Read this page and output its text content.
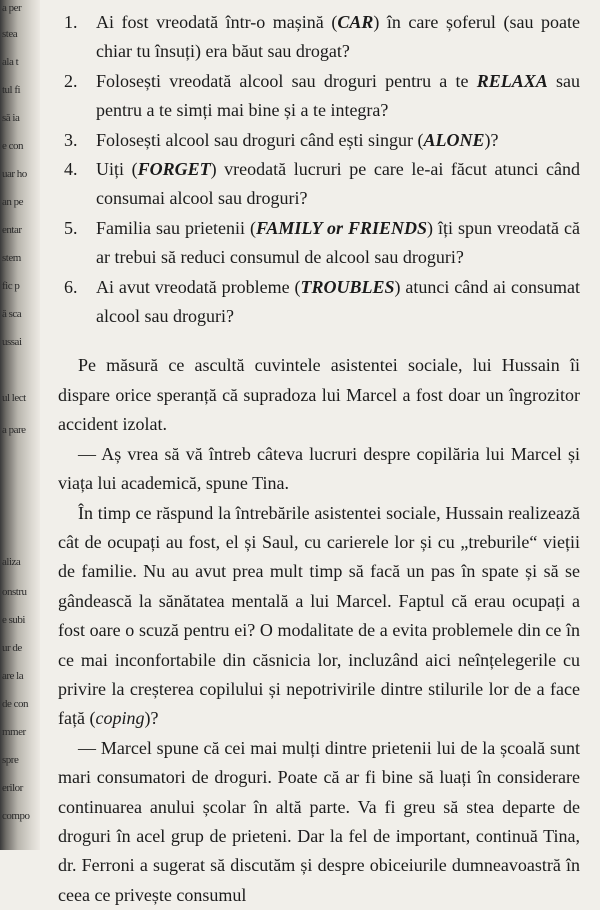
a per
stea
ala t
tul fi
să ia
e con
uar ho
an pe
entar
stem
fic p
ă sca
ussai
ul lect
a pare
aliza
onstru
e subi
ur de
are la
de con
mmer
spre
erilor
compo
1. Ai fost vreodată într-o mașină (CAR) în care șoferul (sau poate chiar tu însuți) era băut sau drogat?
2. Folosești vreodată alcool sau droguri pentru a te RELAXA sau pentru a te simți mai bine și a te integra?
3. Folosești alcool sau droguri când ești singur (ALONE)?
4. Uiți (FORGET) vreodată lucruri pe care le-ai făcut atunci când consumai alcool sau droguri?
5. Familia sau prietenii (FAMILY or FRIENDS) îți spun vreodată că ar trebui să reduci consumul de alcool sau droguri?
6. Ai avut vreodată probleme (TROUBLES) atunci când ai consumat alcool sau droguri?

Pe măsură ce ascultă cuvintele asistentei sociale, lui Hussain îi dispare orice speranță că supradoza lui Marcel a fost doar un îngrozitor accident izolat.

— Aș vrea să vă întreb câteva lucruri despre copilăria lui Marcel și viața lui academică, spune Tina.

În timp ce răspund la întrebările asistentei sociale, Hussain realizează cât de ocupați au fost, el și Saul, cu carierele lor și cu „treburile“ vieții de familie. Nu au avut prea mult timp să facă un pas în spate și să se gândească la sănătatea mentală a lui Marcel. Faptul că erau ocupați a fost oare o scuză pentru ei? O modalitate de a evita problemele din ce în ce mai inconfortabile din căsnicia lor, incluzând aici neînțelegerile cu privire la creșterea copilului și nepotrivirile dintre stilurile lor de a face față (coping)?

— Marcel spune că cei mai mulți dintre prietenii lui de la școală sunt mari consumatori de droguri. Poate că ar fi bine să luați în considerare continuarea anului școlar în altă parte. Va fi greu să stea departe de droguri în acel grup de prieteni. Dar la fel de important, continuă Tina, dr. Ferroni a sugerat să discutăm și despre obiceiurile dumneavoastră în ceea ce privește consumul
